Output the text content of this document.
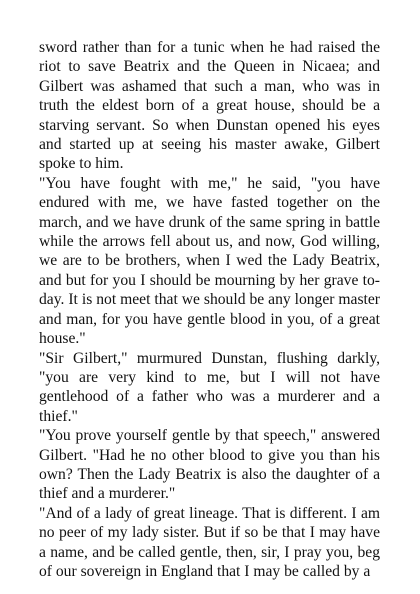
sword rather than for a tunic when he had raised the riot to save Beatrix and the Queen in Nicaea; and Gilbert was ashamed that such a man, who was in truth the eldest born of a great house, should be a starving servant. So when Dunstan opened his eyes and started up at seeing his master awake, Gilbert spoke to him.

"You have fought with me," he said, "you have endured with me, we have fasted together on the march, and we have drunk of the same spring in battle while the arrows fell about us, and now, God willing, we are to be brothers, when I wed the Lady Beatrix, and but for you I should be mourning by her grave to-day. It is not meet that we should be any longer master and man, for you have gentle blood in you, of a great house."

"Sir Gilbert," murmured Dunstan, flushing darkly, "you are very kind to me, but I will not have gentlehood of a father who was a murderer and a thief."

"You prove yourself gentle by that speech," answered Gilbert. "Had he no other blood to give you than his own? Then the Lady Beatrix is also the daughter of a thief and a murderer."

"And of a lady of great lineage. That is different. I am no peer of my lady sister. But if so be that I may have a name, and be called gentle, then, sir, I pray you, beg of our sovereign in England that I may be called by a
